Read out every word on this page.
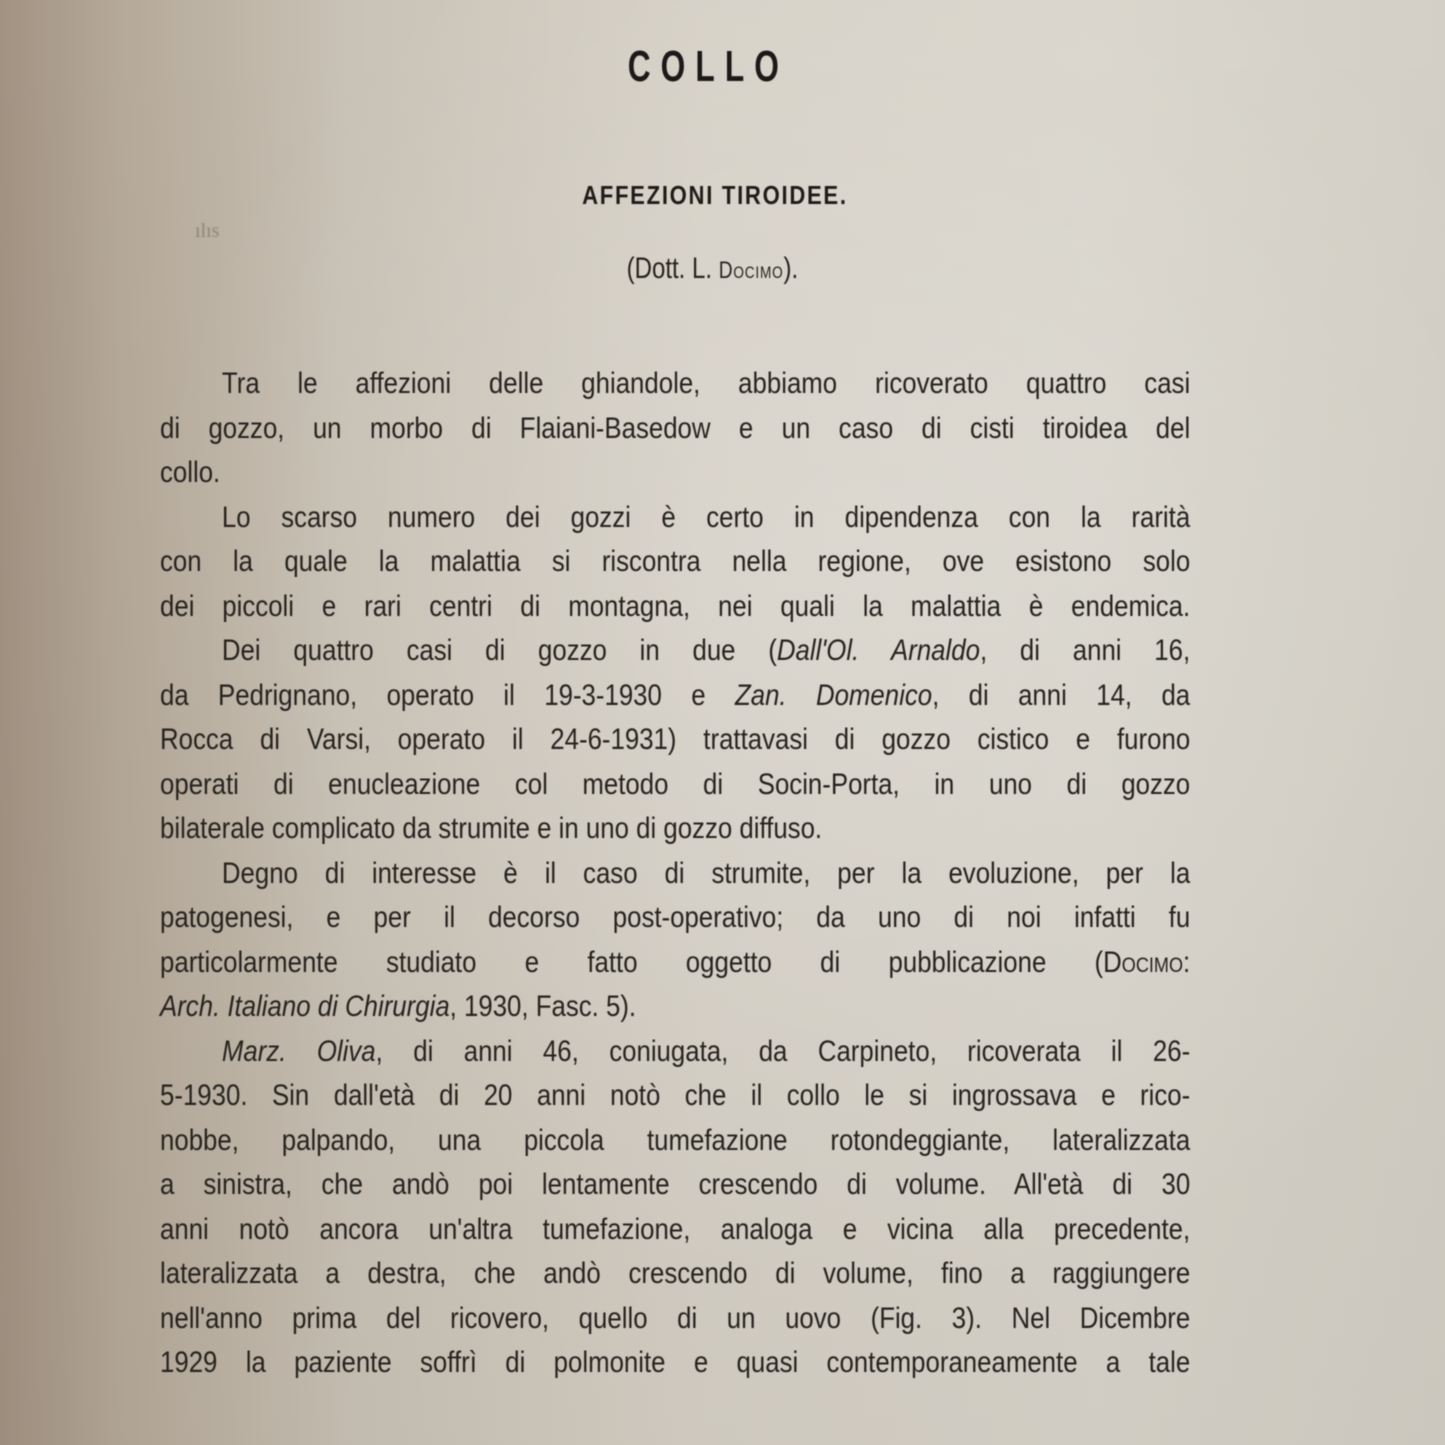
COLLO
AFFEZIONI TIROIDEE.
ılıs
(Dott. L. Docimo).
Tra le affezioni delle ghiandole, abbiamo ricoverato quattro casi
di gozzo, un morbo di Flaiani-Basedow e un caso di cisti tiroidea del
collo.
Lo scarso numero dei gozzi è certo in dipendenza con la rarità
con la quale la malattia si riscontra nella regione, ove esistono solo
dei piccoli e rari centri di montagna, nei quali la malattia è endemica.
Dei quattro casi di gozzo in due (Dall'Ol. Arnaldo, di anni 16,
da Pedrignano, operato il 19-3-1930 e Zan. Domenico, di anni 14, da
Rocca di Varsi, operato il 24-6-1931) trattavasi di gozzo cistico e furono
operati di enucleazione col metodo di Socin-Porta, in uno di gozzo
bilaterale complicato da strumite e in uno di gozzo diffuso.
Degno di interesse è il caso di strumite, per la evoluzione, per la
patogenesi, e per il decorso post-operativo; da uno di noi infatti fu
particolarmente studiato e fatto oggetto di pubblicazione (Docimo:
Arch. Italiano di Chirurgia, 1930, Fasc. 5).
Marz. Oliva, di anni 46, coniugata, da Carpineto, ricoverata il 26-
5-1930. Sin dall'età di 20 anni notò che il collo le si ingrossava e rico-
nobbe, palpando, una piccola tumefazione rotondeggiante, lateralizzata
a sinistra, che andò poi lentamente crescendo di volume. All'età di 30
anni notò ancora un'altra tumefazione, analoga e vicina alla precedente,
lateralizzata a destra, che andò crescendo di volume, fino a raggiungere
nell'anno prima del ricovero, quello di un uovo (Fig. 3). Nel Dicembre
1929 la paziente soffrì di polmonite e quasi contemporaneamente a tale
